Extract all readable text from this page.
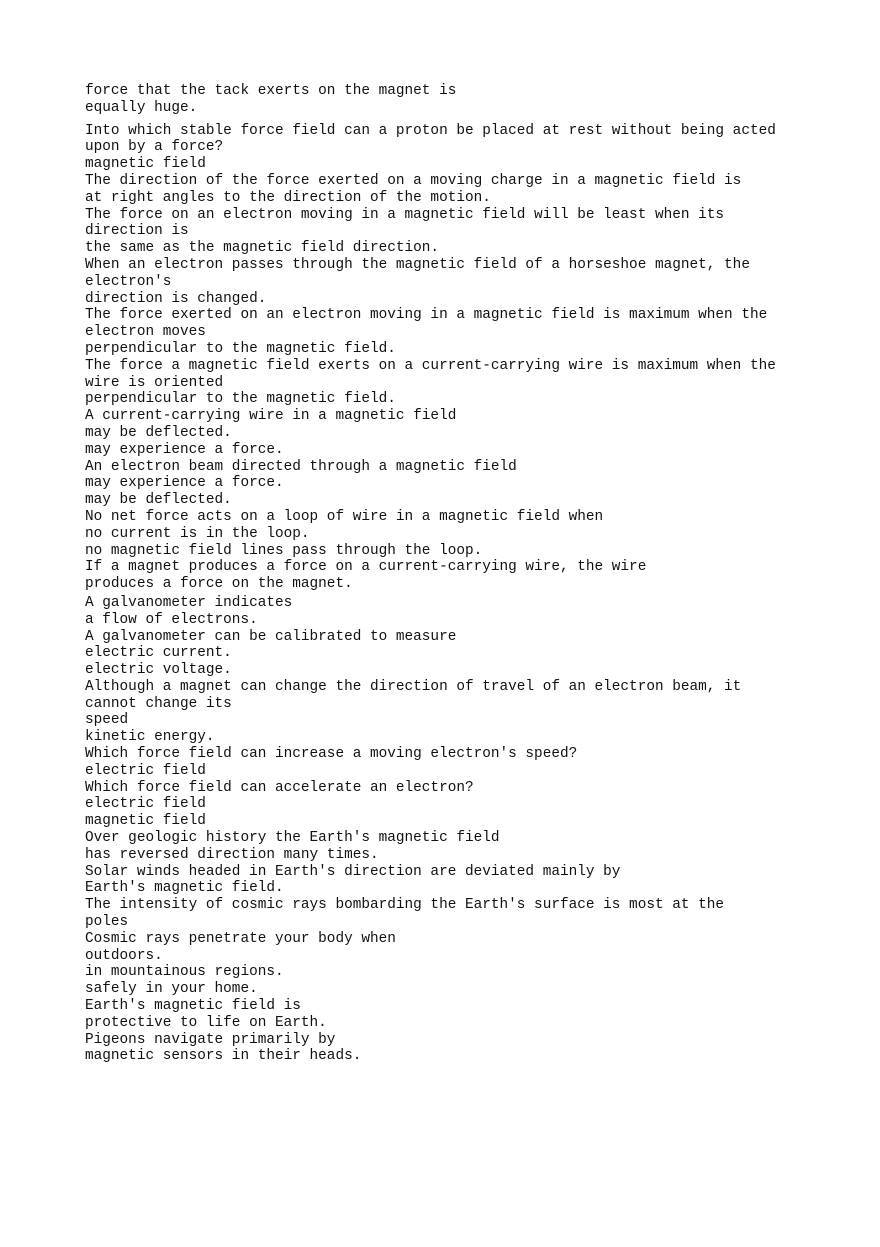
force that the tack exerts on the magnet is
equally huge.
Into which stable force field can a proton be placed at rest without being acted
upon by a force?
magnetic field
The direction of the force exerted on a moving charge in a magnetic field is
at right angles to the direction of the motion.
The force on an electron moving in a magnetic field will be least when its
direction is
the same as the magnetic field direction.
When an electron passes through the magnetic field of a horseshoe magnet, the
electron's
direction is changed.
The force exerted on an electron moving in a magnetic field is maximum when the
electron moves
perpendicular to the magnetic field.
The force a magnetic field exerts on a current-carrying wire is maximum when the
wire is oriented
perpendicular to the magnetic field.
A current-carrying wire in a magnetic field
may be deflected.
may experience a force.
An electron beam directed through a magnetic field
may experience a force.
may be deflected.
No net force acts on a loop of wire in a magnetic field when
no current is in the loop.
no magnetic field lines pass through the loop.
If a magnet produces a force on a current-carrying wire, the wire
produces a force on the magnet.
A galvanometer indicates
a flow of electrons.
A galvanometer can be calibrated to measure
electric current.
electric voltage.
Although a magnet can change the direction of travel of an electron beam, it
cannot change its
speed
kinetic energy.
Which force field can increase a moving electron's speed?
electric field
Which force field can accelerate an electron?
electric field
magnetic field
Over geologic history the Earth's magnetic field
has reversed direction many times.
Solar winds headed in Earth's direction are deviated mainly by
Earth's magnetic field.
The intensity of cosmic rays bombarding the Earth's surface is most at the
poles
Cosmic rays penetrate your body when
outdoors.
in mountainous regions.
safely in your home.
Earth's magnetic field is
protective to life on Earth.
Pigeons navigate primarily by
magnetic sensors in their heads.
